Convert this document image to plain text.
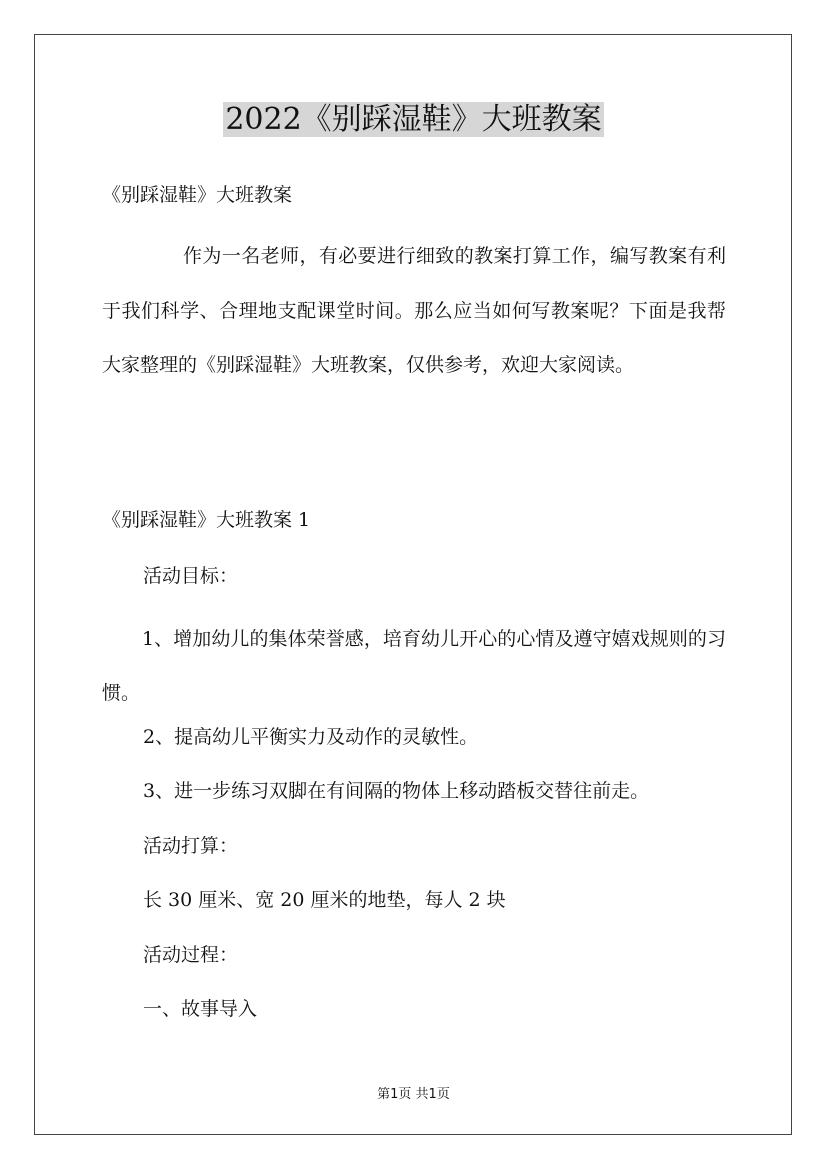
2022《别踩湿鞋》大班教案
《别踩湿鞋》大班教案

作为一名老师，有必要进行细致的教案打算工作，编写教案有利于我们科学、合理地支配课堂时间。那么应当如何写教案呢？下面是我帮大家整理的《别踩湿鞋》大班教案，仅供参考，欢迎大家阅读。

《别踩湿鞋》大班教案 1
活动目标：

1、增加幼儿的集体荣誉感，培育幼儿开心的心情及遵守嬉戏规则的习惯。

2、提高幼儿平衡实力及动作的灵敏性。
3、进一步练习双脚在有间隔的物体上移动踏板交替往前走。
活动打算：
长 30 厘米、宽 20 厘米的地垫，每人 2 块
活动过程：
一、故事导入
第1页 共1页
